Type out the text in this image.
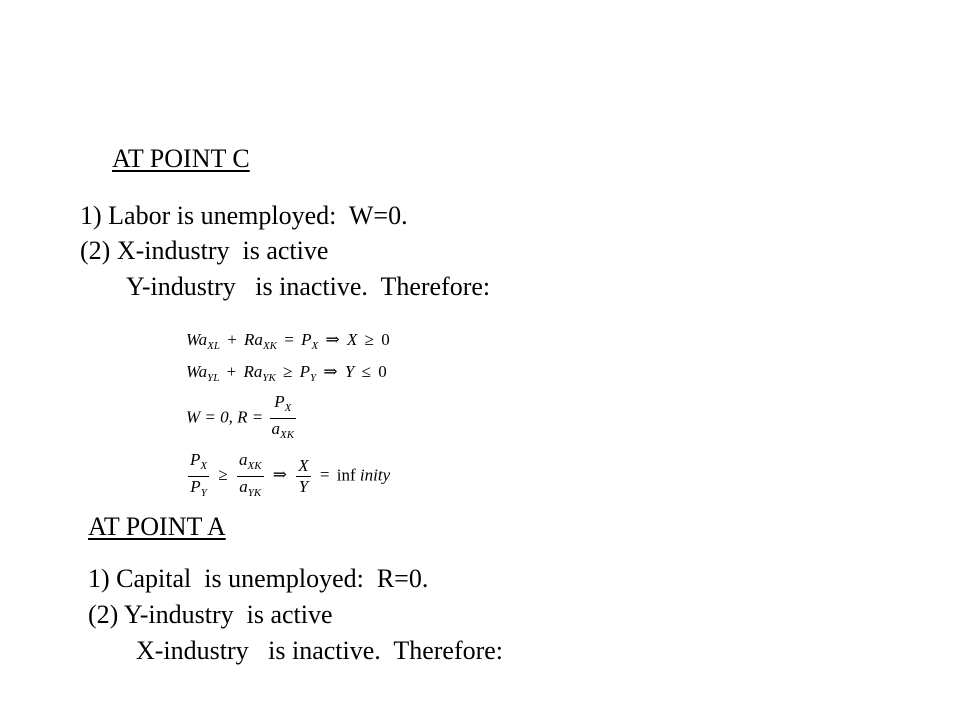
AT POINT C
1) Labor is unemployed:  W=0.
(2) X-industry  is active
Y-industry   is inactive.  Therefore:
$Wa_{XL} + Ra_{XK} = P_X$ ⇒ X ≥ 0
$Wa_{YL} + Ra_{YK} \ge P_Y$ ⇒ Y ≤ 0
W = 0, $R = \frac{P_X}{a_{XK}}$
$\frac{P_X}{P_Y} \ge \frac{a_{XK}}{a_{YK}}$ ⇒ $\frac{X}{Y}$ = inf inity
AT POINT A
1) Capital  is unemployed:  R=0.
(2) Y-industry  is active
X-industry   is inactive.  Therefore:
